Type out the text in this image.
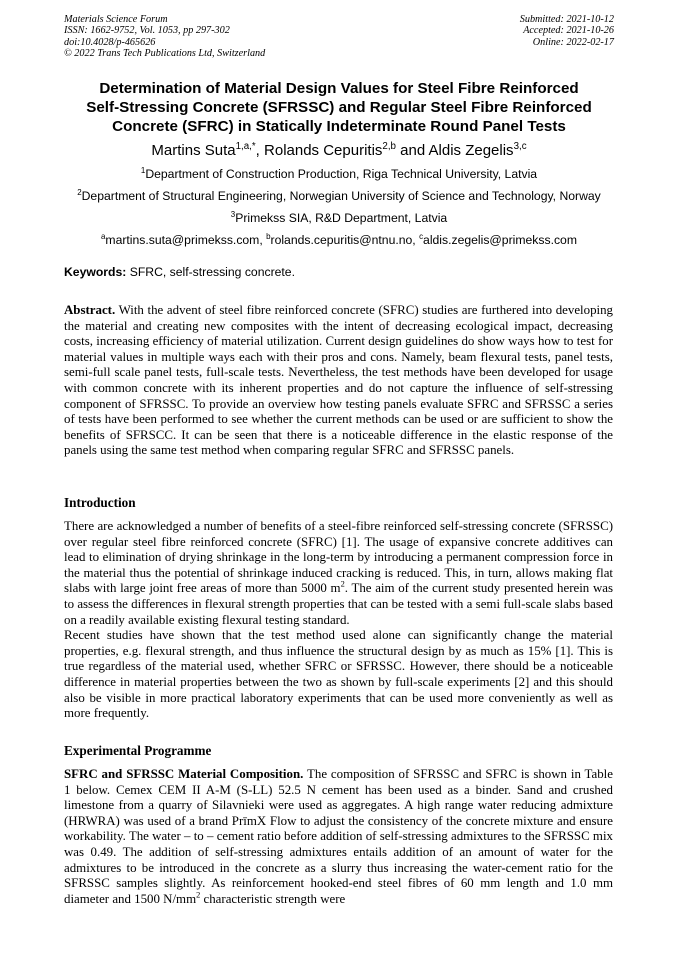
Materials Science Forum
ISSN: 1662-9752, Vol. 1053, pp 297-302
doi:10.4028/p-465626
© 2022 Trans Tech Publications Ltd, Switzerland
Submitted: 2021-10-12
Accepted: 2021-10-26
Online: 2022-02-17
Determination of Material Design Values for Steel Fibre Reinforced
Self-Stressing Concrete (SFRSSC) and Regular Steel Fibre Reinforced
Concrete (SFRC) in Statically Indeterminate Round Panel Tests
Martins Suta$^{1,a,*}$, Rolands Cepuritis$^{2,b}$ and Aldis Zegelis$^{3,c}$
$^1$Department of Construction Production, Riga Technical University, Latvia
$^2$Department of Structural Engineering, Norwegian University of Science and Technology, Norway
$^3$Primekss SIA, R&D Department, Latvia
$^a$martins.suta@primekss.com, $^b$rolands.cepuritis@ntnu.no, $^c$aldis.zegelis@primekss.com
Keywords: SFRC, self-stressing concrete.

Abstract. With the advent of steel fibre reinforced concrete (SFRC) studies are furthered into developing the material and creating new composites with the intent of decreasing ecological impact, decreasing costs, increasing efficiency of material utilization. Current design guidelines do show ways how to test for material values in multiple ways each with their pros and cons. Namely, beam flexural tests, panel tests, semi-full scale panel tests, full-scale tests. Nevertheless, the test methods have been developed for usage with common concrete with its inherent properties and do not capture the influence of self-stressing component of SFRSSC. To provide an overview how testing panels evaluate SFRC and SFRSSC a series of tests have been performed to see whether the current methods can be used or are sufficient to show the benefits of SFRSCC. It can be seen that there is a noticeable difference in the elastic response of the panels using the same test method when comparing regular SFRC and SFRSSC panels.

Introduction

There are acknowledged a number of benefits of a steel-fibre reinforced self-stressing concrete (SFRSSC) over regular steel fibre reinforced concrete (SFRC) [1]. The usage of expansive concrete additives can lead to elimination of drying shrinkage in the long-term by introducing a permanent compression force in the material thus the potential of shrinkage induced cracking is reduced. This, in turn, allows making flat slabs with large joint free areas of more than 5000 $m^2$. The aim of the current study presented herein was to assess the differences in flexural strength properties that can be tested with a semi full-scale slabs based on a readily available existing flexural testing standard.

Recent studies have shown that the test method used alone can significantly change the material properties, e.g. flexural strength, and thus influence the structural design by as much as 15% [1]. This is true regardless of the material used, whether SFRC or SFRSSC. However, there should be a noticeable difference in material properties between the two as shown by full-scale experiments [2] and this should also be visible in more practical laboratory experiments that can be used more conveniently as well as more frequently.

Experimental Programme

SFRC and SFRSSC Material Composition. The composition of SFRSSC and SFRC is shown in Table 1 below. Cemex CEM II A-M (S-LL) 52.5 N cement has been used as a binder. Sand and crushed limestone from a quarry of Silavnieki were used as aggregates. A high range water reducing admixture (HRWRA) was used of a brand PrīmX Flow to adjust the consistency of the concrete mixture and ensure workability. The water – to – cement ratio before addition of self-stressing admixtures to the SFRSSC mix was 0.49. The addition of self-stressing admixtures entails addition of an amount of water for the admixtures to be introduced in the concrete as a slurry thus increasing the water-cement ratio for the SFRSSC samples slightly. As reinforcement hooked-end steel fibres of 60 mm length and 1.0 mm diameter and 1500 $N/mm^2$ characteristic strength were
